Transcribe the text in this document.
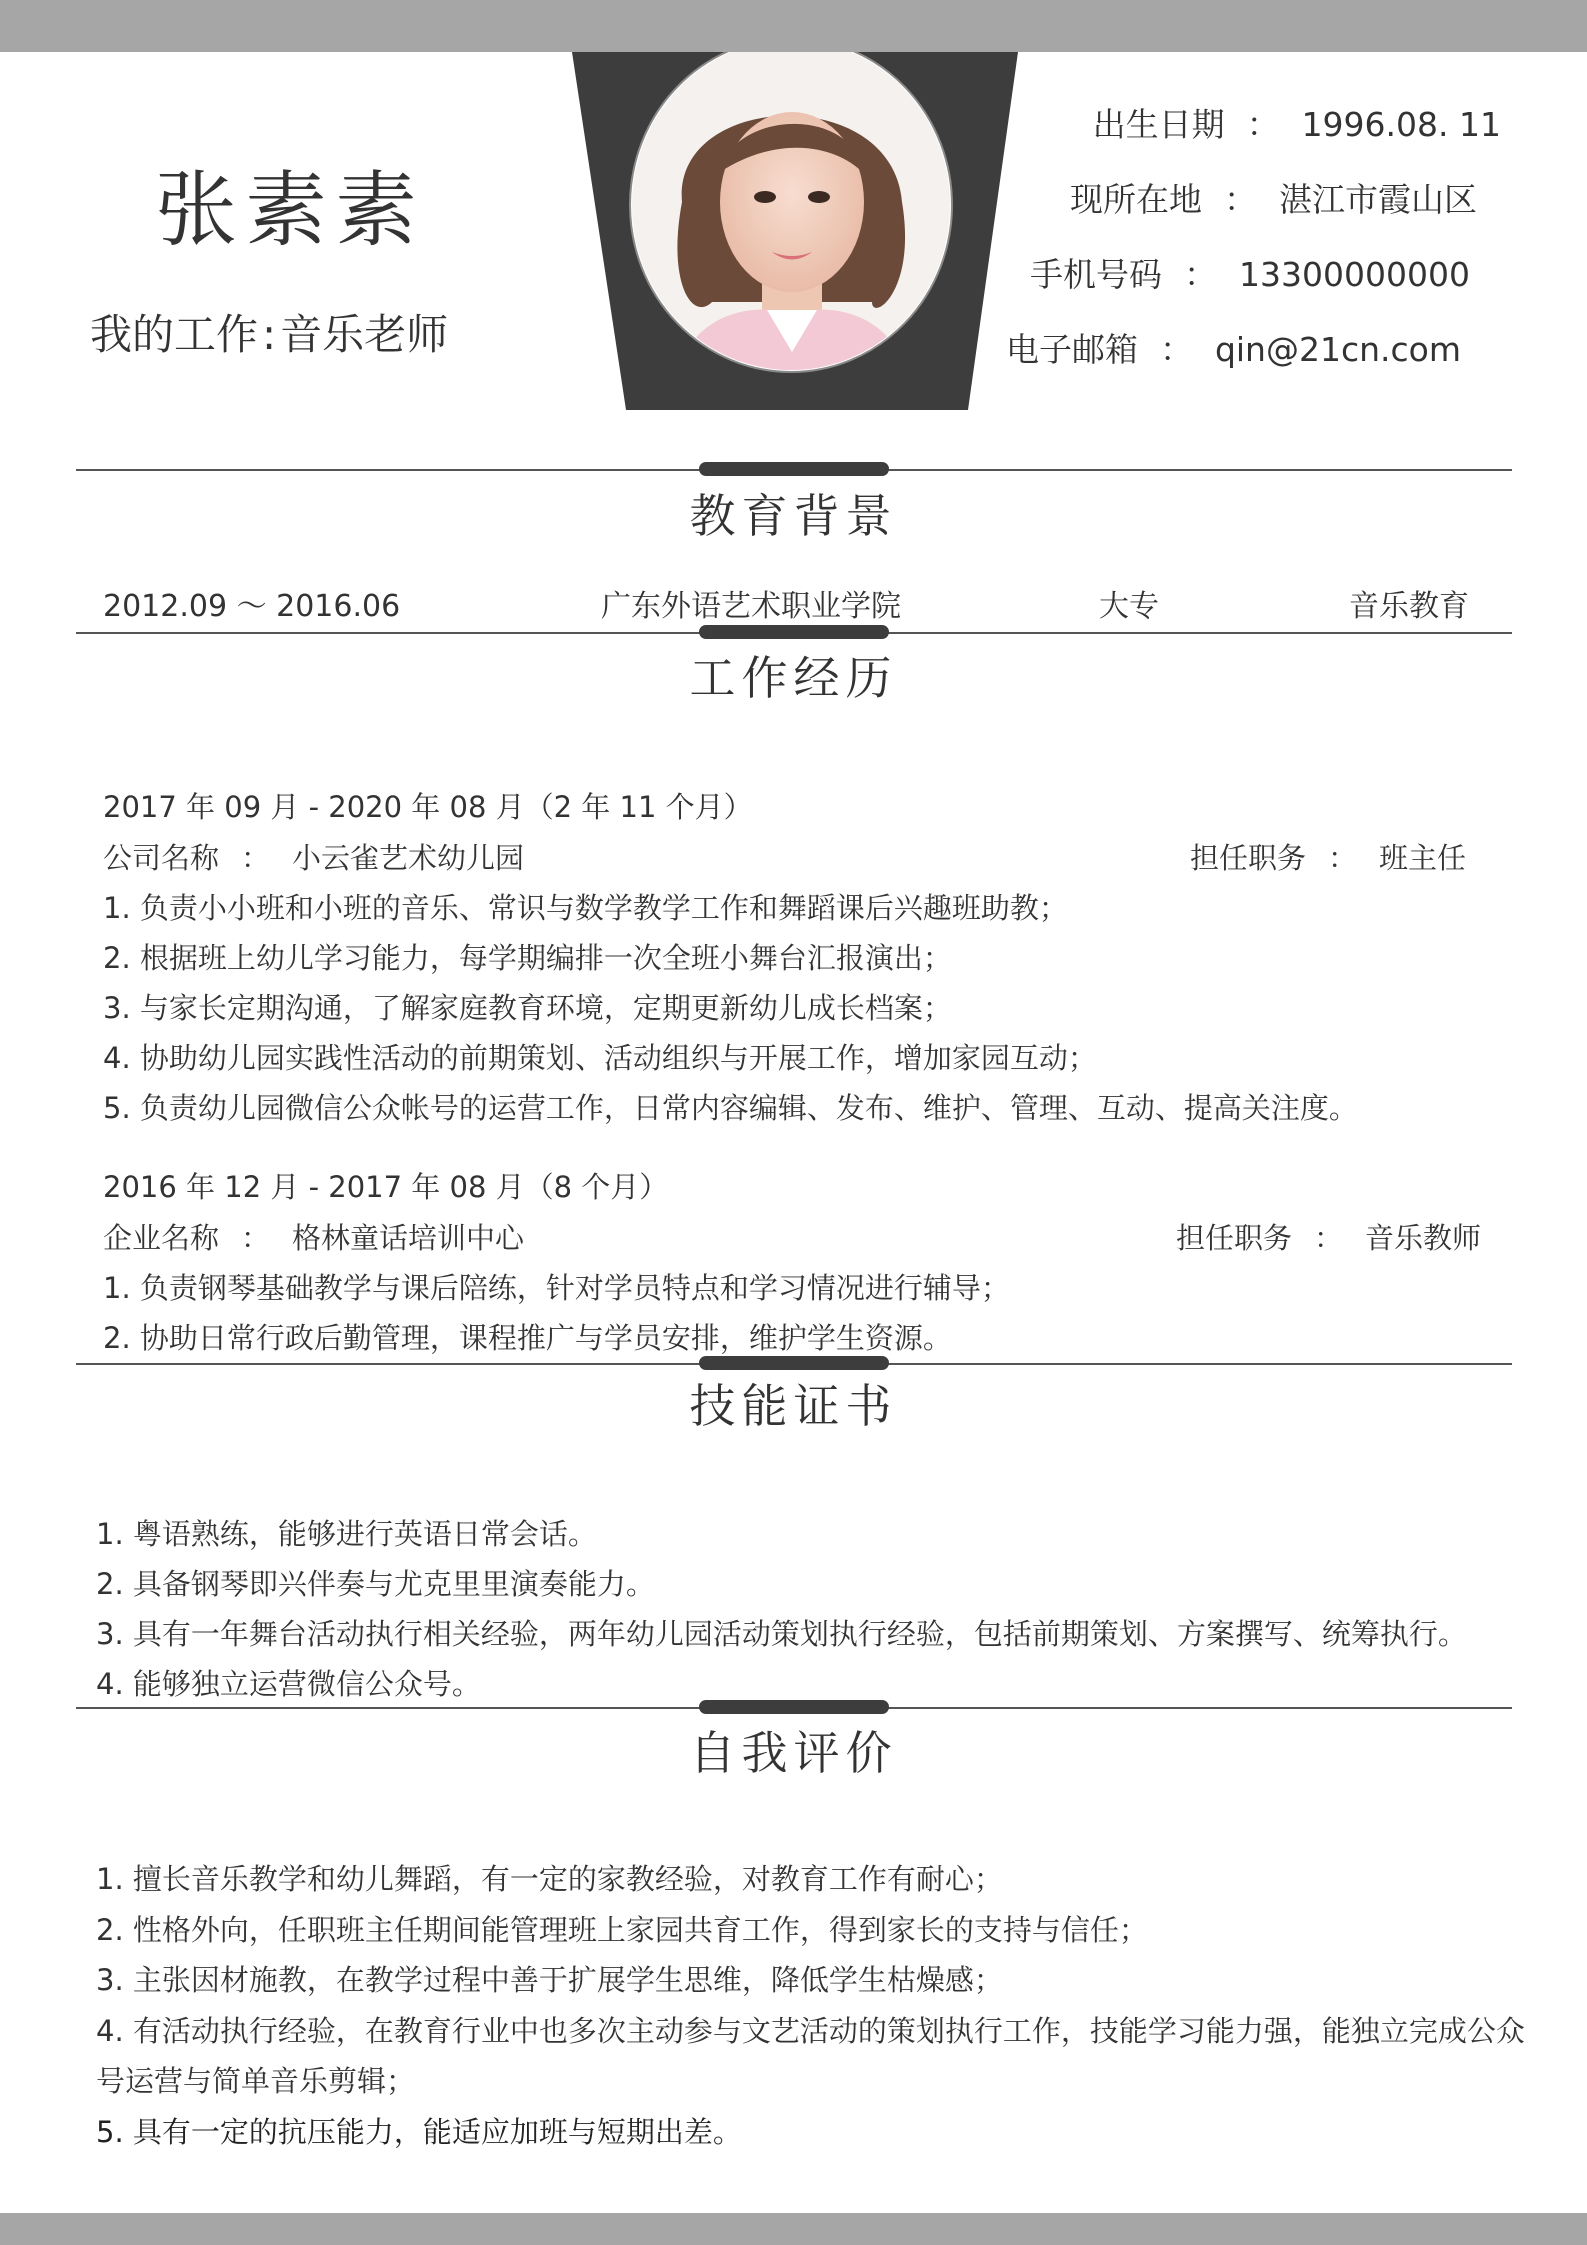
张素素
我的工作:音乐老师
出生日期 ： 1996.08. 11
现所在地 ： 湛江市霞山区
手机号码 ： 13300000000
电子邮箱 ： qin@21cn.com
教育背景
2012.09 ～ 2016.06	广东外语艺术职业学院	大专	音乐教育
工作经历
2017 年 09 月 - 2020 年 08 月（2 年 11 个月）
公司名称 ： 小云雀艺术幼儿园	担任职务 ： 班主任
1. 负责小小班和小班的音乐、常识与数学教学工作和舞蹈课后兴趣班助教；
2. 根据班上幼儿学习能力，每学期编排一次全班小舞台汇报演出；
3. 与家长定期沟通，了解家庭教育环境，定期更新幼儿成长档案；
4. 协助幼儿园实践性活动的前期策划、活动组织与开展工作，增加家园互动；
5. 负责幼儿园微信公众帐号的运营工作，日常内容编辑、发布、维护、管理、互动、提高关注度。
2016 年 12 月 - 2017 年 08 月（8 个月）
企业名称 ： 格林童话培训中心	担任职务 ： 音乐教师
1. 负责钢琴基础教学与课后陪练，针对学员特点和学习情况进行辅导；
2. 协助日常行政后勤管理，课程推广与学员安排，维护学生资源。
技能证书
1. 粤语熟练，能够进行英语日常会话。
2. 具备钢琴即兴伴奏与尤克里里演奏能力。
3. 具有一年舞台活动执行相关经验，两年幼儿园活动策划执行经验，包括前期策划、方案撰写、统筹执行。
4. 能够独立运营微信公众号。
自我评价
1. 擅长音乐教学和幼儿舞蹈，有一定的家教经验，对教育工作有耐心；
2. 性格外向，任职班主任期间能管理班上家园共育工作，得到家长的支持与信任；
3. 主张因材施教，在教学过程中善于扩展学生思维，降低学生枯燥感；
4. 有活动执行经验，在教育行业中也多次主动参与文艺活动的策划执行工作，技能学习能力强，能独立完成公众号运营与简单音乐剪辑；
5. 具有一定的抗压能力，能适应加班与短期出差。
